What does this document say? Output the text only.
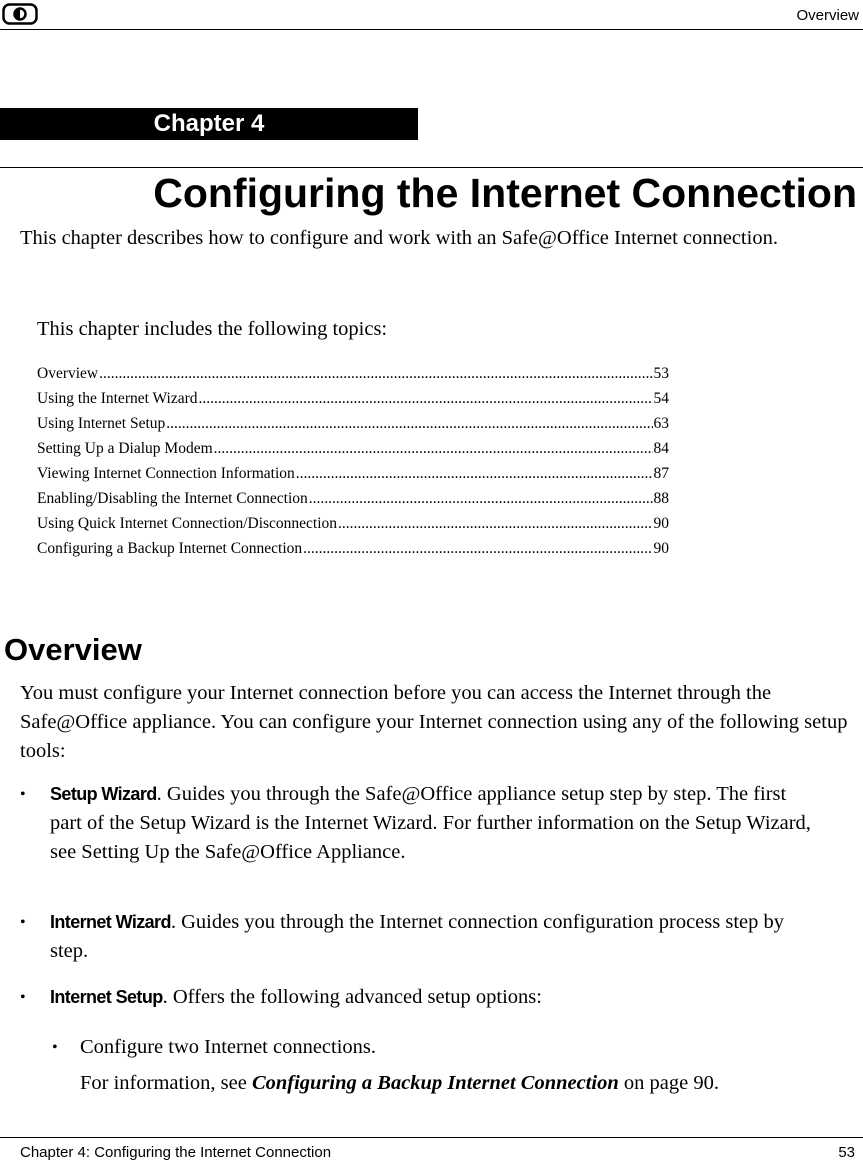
Overview
Chapter 4
Configuring the Internet Connection

This chapter describes how to configure and work with an Safe@Office Internet connection.

This chapter includes the following topics:

Overview .....	53
Using the Internet Wizard .....	54
Using Internet Setup .....	63
Setting Up a Dialup Modem .....	84
Viewing Internet Connection Information .....	87
Enabling/Disabling the Internet Connection .....	88
Using Quick Internet Connection/Disconnection .....	90
Configuring a Backup Internet Connection .....	90
Overview

You must configure your Internet connection before you can access the Internet through the Safe@Office appliance. You can configure your Internet connection using any of the following setup tools:

• Setup Wizard. Guides you through the Safe@Office appliance setup step by step. The first part of the Setup Wizard is the Internet Wizard. For further information on the Setup Wizard, see Setting Up the Safe@Office Appliance.
• Internet Wizard. Guides you through the Internet connection configuration process step by step.
• Internet Setup. Offers the following advanced setup options:
• Configure two Internet connections.

For information, see Configuring a Backup Internet Connection on page 90.

Chapter 4: Configuring the Internet Connection	53
